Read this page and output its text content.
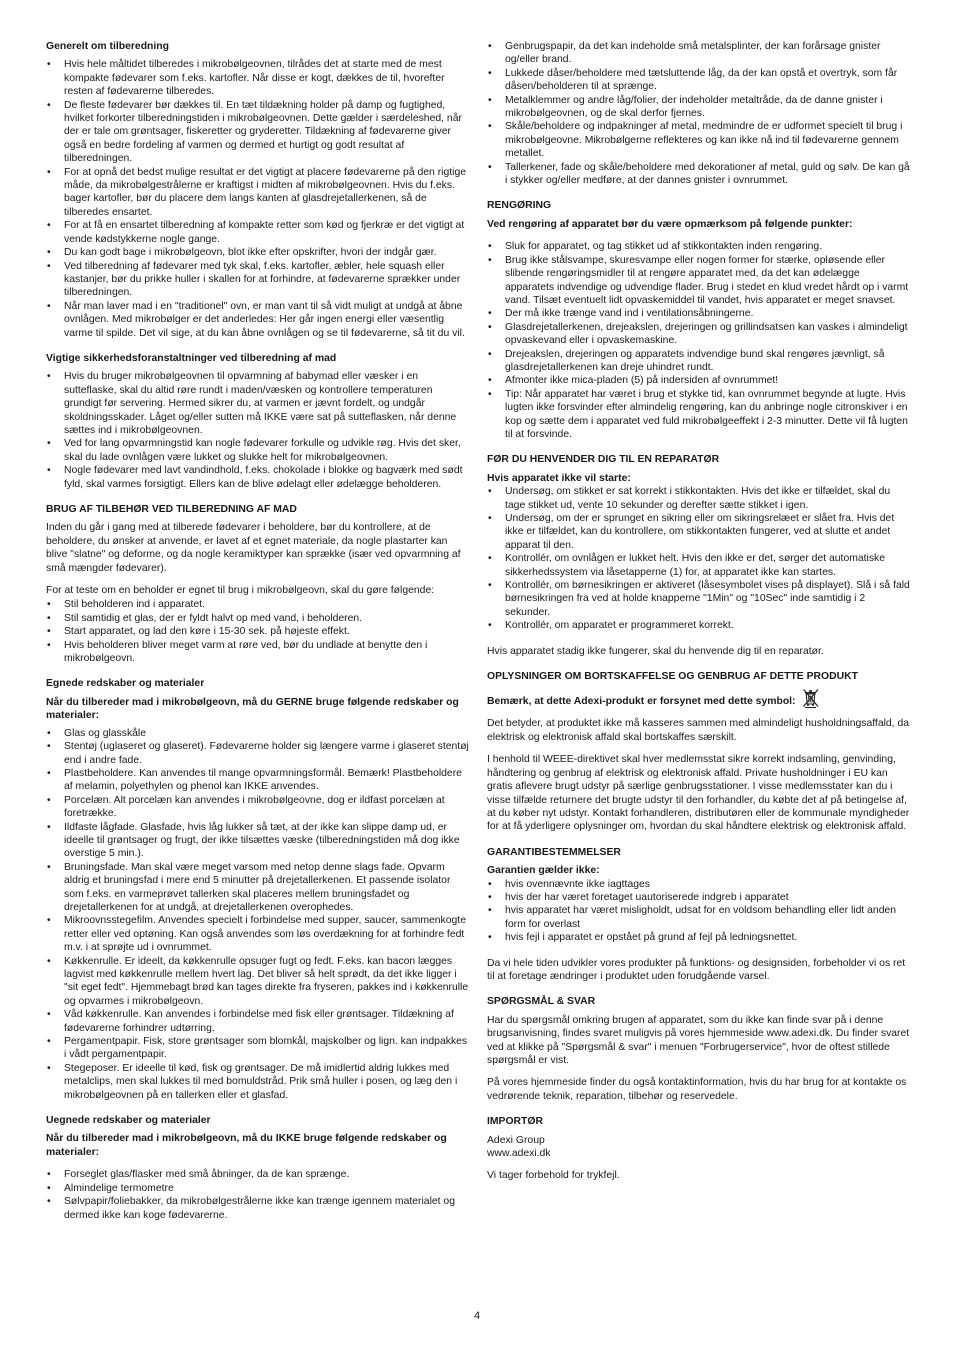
Generelt om tilberedning
• Hvis hele måltidet tilberedes i mikrobølgeovnen, tilrådes det at starte med de mest kompakte fødevarer som f.eks. kartofler. Når disse er kogt, dækkes de til, hvorefter resten af fødevarerne tilberedes.
• De fleste fødevarer bør dækkes til. En tæt tildækning holder på damp og fugtighed, hvilket forkorter tilberedningstiden i mikrobølgeovnen. Dette gælder i særdeleshed, når der er tale om grøntsager, fiskeretter og gryderetter. Tildækning af fødevarerne giver også en bedre fordeling af varmen og dermed et hurtigt og godt resultat af tilberedningen.
• For at opnå det bedst mulige resultat er det vigtigt at placere fødevarerne på den rigtige måde, da mikrobølgestrålerne er kraftigst i midten af mikrobølgeovnen. Hvis du f.eks. bager kartofler, bør du placere dem langs kanten af glasdrejetallerkenen, så de tilberedes ensartet.
• For at få en ensartet tilberedning af kompakte retter som kød og fjerkræ er det vigtigt at vende kødstykkerne nogle gange.
• Du kan godt bage i mikrobølgeovn, blot ikke efter opskrifter, hvori der indgår gær.
• Ved tilberedning af fødevarer med tyk skal, f.eks. kartofler, æbler, hele squash eller kastanjer, bør du prikke huller i skallen for at forhindre, at fødevarerne sprækker under tilberedningen.
• Når man laver mad i en "traditionel" ovn, er man vant til så vidt muligt at undgå at åbne ovnlågen. Med mikrobølger er det anderledes: Her går ingen energi eller væsentlig varme til spilde. Det vil sige, at du kan åbne ovnlågen og se til fødevarerne, så tit du vil.
Vigtige sikkerhedsforanstaltninger ved tilberedning af mad
• Hvis du bruger mikrobølgeovnen til opvarmning af babymad eller væsker i en sutteflaske, skal du altid røre rundt i maden/væsken og kontrollere temperaturen grundigt før servering. Hermed sikrer du, at varmen er jævnt fordelt, og undgår skoldningsskader. Låget og/eller sutten må IKKE være sat på sutteflasken, når denne sættes ind i mikrobølgeovnen.
• Ved for lang opvarmningstid kan nogle fødevarer forkulle og udvikle røg. Hvis det sker, skal du lade ovnlågen være lukket og slukke helt for mikrobølgeovnen.
• Nogle fødevarer med lavt vandindhold, f.eks. chokolade i blokke og bagværk med sødt fyld, skal varmes forsigtigt. Ellers kan de blive ødelagt eller ødelægge beholderen.
BRUG AF TILBEHØR VED TILBEREDNING AF MAD

Inden du går i gang med at tilberede fødevarer i beholdere, bør du kontrollere, at de beholdere, du ønsker at anvende, er lavet af et egnet materiale, da nogle plastarter kan blive "slatne" og deforme, og da nogle keramiktyper kan sprække (især ved opvarmning af små mængder fødevarer).

For at teste om en beholder er egnet til brug i mikrobølgeovn, skal du gøre følgende:

• Stil beholderen ind i apparatet.
• Stil samtidig et glas, der er fyldt halvt op med vand, i beholderen.
• Start apparatet, og lad den køre i 15-30 sek. på højeste effekt.
• Hvis beholderen bliver meget varm at røre ved, bør du undlade at benytte den i mikrobølgeovn.
Egnede redskaber og materialer
Når du tilbereder mad i mikrobølgeovn, må du GERNE bruge følgende redskaber og materialer:
• Glas og glasskåle
• Stentøj (uglaseret og glaseret). Fødevarerne holder sig længere varme i glaseret stentøj end i andre fade.
• Plastbeholdere. Kan anvendes til mange opvarmningsformål. Bemærk! Plastbeholdere af melamin, polyethylen og phenol kan IKKE anvendes.
• Porcelæn. Alt porcelæn kan anvendes i mikrobølgeovne, dog er ildfast porcelæn at foretrække.
• Ildfaste lågfade. Glasfade, hvis låg lukker så tæt, at der ikke kan slippe damp ud, er ideelle til grøntsager og frugt, der ikke tilsættes væske (tilberedningstiden må dog ikke overstige 5 min.).
• Bruningsfade. Man skal være meget varsom med netop denne slags fade. Opvarm aldrig et bruningsfad i mere end 5 minutter på drejetallerkenen. Et passende isolator som f.eks. en varmeprøvet tallerken skal placeres mellem bruningsfadet og drejetallerkenen for at undgå, at drejetallerkenen overophedes.
• Mikroovnsstegefilm. Anvendes specielt i forbindelse med supper, saucer, sammenkogte retter eller ved optøning. Kan også anvendes som løs overdækning for at forhindre fedt m.v. i at sprøjte ud i ovnrummet.
• Køkkenrulle. Er ideelt, da køkkenrulle opsuger fugt og fedt. F.eks. kan bacon lægges lagvist med køkkenrulle mellem hvert lag. Det bliver så helt sprødt, da det ikke ligger i "sit eget fedt". Hjemmebagt brød kan tages direkte fra fryseren, pakkes ind i køkkenrulle og opvarmes i mikrobølgeovn.
• Våd køkkenrulle. Kan anvendes i forbindelse med fisk eller grøntsager. Tildækning af fødevarerne forhindrer udtørring.
• Pergamentpapir. Fisk, store grøntsager som blomkål, majskolber og lign. kan indpakkes i vådt pergamentpapir.
• Stegeposer. Er ideelle til kød, fisk og grøntsager. De må imidlertid aldrig lukkes med metalclips, men skal lukkes til med bomuldstråd. Prik små huller i posen, og læg den i mikrobølgeovnen på en tallerken eller et glasfad.
Uegnede redskaber og materialer
Når du tilbereder mad i mikrobølgeovn, må du IKKE bruge følgende redskaber og materialer:
• Forseglet glas/flasker med små åbninger, da de kan sprænge.
• Almindelige termometre
• Sølvpapir/foliebakker, da mikrobølgestrålerne ikke kan trænge igennem materialet og dermed ikke kan koge fødevarerne.
• Genbrugspapir, da det kan indeholde små metalsplinter, der kan forårsage gnister og/eller brand.
• Lukkede dåser/beholdere med tætsluttende låg, da der kan opstå et overtryk, som får dåsen/beholderen til at sprænge.
• Metalklemmer og andre låg/folier, der indeholder metaltråde, da de danne gnister i mikrobølgeovnen, og de skal derfor fjernes.
• Skåle/beholdere og indpakninger af metal, medmindre de er udformet specielt til brug i mikrobølgeovne. Mikrobølgerne reflekteres og kan ikke nå ind til fødevarerne gennem metallet.
• Tallerkener, fade og skåle/beholdere med dekorationer af metal, guld og sølv. De kan gå i stykker og/eller medføre, at der dannes gnister i ovnrummet.
RENGØRING
Ved rengøring af apparatet bør du være opmærksom på følgende punkter:
• Sluk for apparatet, og tag stikket ud af stikkontakten inden rengøring.
• Brug ikke stålsvampe, skuresvampe eller nogen former for stærke, opløsende eller slibende rengøringsmidler til at rengøre apparatet med, da det kan ødelægge apparatets indvendige og udvendige flader. Brug i stedet en klud vredet hårdt op i varmt vand. Tilsæt eventuelt lidt opvaskemiddel til vandet, hvis apparatet er meget snavset.
• Der må ikke trænge vand ind i ventilationsåbningerne.
• Glasdrejetallerkenen, drejeakslen, drejeringen og grillindsatsen kan vaskes i almindeligt opvaskevand eller i opvaskemaskine.
• Drejeakslen, drejeringen og apparatets indvendige bund skal rengøres jævnligt, så glasdrejetallerkenen kan dreje uhindret rundt.
• Afmonter ikke mica-pladen (5) på indersiden af ovnrummet!
• Tip: Når apparatet har været i brug et stykke tid, kan ovnrummet begynde at lugte. Hvis lugten ikke forsvinder efter almindelig rengøring, kan du anbringe nogle citronskiver i en kop og sætte dem i apparatet ved fuld mikrobølgeeffekt i 2-3 minutter. Dette vil få lugten til at forsvinde.
FØR DU HENVENDER DIG TIL EN REPARATØR
Hvis apparatet ikke vil starte:
• Undersøg, om stikket er sat korrekt i stikkontakten. Hvis det ikke er tilfældet, skal du tage stikket ud, vente 10 sekunder og derefter sætte stikket i igen.
• Undersøg, om der er sprunget en sikring eller om sikringsrelæet er slået fra. Hvis det ikke er tilfældet, kan du kontrollere, om stikkontakten fungerer, ved at slutte et andet apparat til den.
• Kontrollér, om ovnlågen er lukket helt. Hvis den ikke er det, sørger det automatiske sikkerhedssystem via låsetapperne (1) for, at apparatet ikke kan startes.
• Kontrollér, om børnesikringen er aktiveret (låsesymbolet vises på displayet). Slå i så fald børnesikringen fra ved at holde knapperne "1Min" og "10Sec" inde samtidig i 2 sekunder.
• Kontrollér, om apparatet er programmeret korrekt.

Hvis apparatet stadig ikke fungerer, skal du henvende dig til en reparatør.

OPLYSNINGER OM BORTSKAFFELSE OG GENBRUG AF DETTE PRODUKT
Bemærk, at dette Adexi-produkt er forsynet med dette symbol:

Det betyder, at produktet ikke må kasseres sammen med almindeligt husholdningsaffald, da elektrisk og elektronisk affald skal bortskaffes særskilt.

I henhold til WEEE-direktivet skal hver medlemsstat sikre korrekt indsamling, genvinding, håndtering og genbrug af elektrisk og elektronisk affald. Private husholdninger i EU kan gratis aflevere brugt udstyr på særlige genbrugsstationer. I visse medlemsstater kan du i visse tilfælde returnere det brugte udstyr til den forhandler, du købte det af på betingelse af, at du køber nyt udstyr. Kontakt forhandleren, distributøren eller de kommunale myndigheder for at få yderligere oplysninger om, hvordan du skal håndtere elektrisk og elektronisk affald.

GARANTIBESTEMMELSER
Garantien gælder ikke:
• hvis ovennævnte ikke iagttages
• hvis der har været foretaget uautoriserede indgreb i apparatet
• hvis apparatet har været misligholdt, udsat for en voldsom behandling eller lidt anden form for overlast
• hvis fejl i apparatet er opstået på grund af fejl på ledningsnettet.

Da vi hele tiden udvikler vores produkter på funktions- og designsiden, forbeholder vi os ret til at foretage ændringer i produktet uden forudgående varsel.

SPØRGSMÅL & SVAR

Har du spørgsmål omkring brugen af apparatet, som du ikke kan finde svar på i denne brugsanvisning, findes svaret muligvis på vores hjemmeside www.adexi.dk. Du finder svaret ved at klikke på "Spørgsmål & svar" i menuen "Forbrugerservice", hvor de oftest stillede spørgsmål er vist.

På vores hjemmeside finder du også kontaktinformation, hvis du har brug for at kontakte os vedrørende teknik, reparation, tilbehør og reservedele.

IMPORTØR
Adexi Group
www.adexi.dk
Vi tager forbehold for trykfejl.
4
